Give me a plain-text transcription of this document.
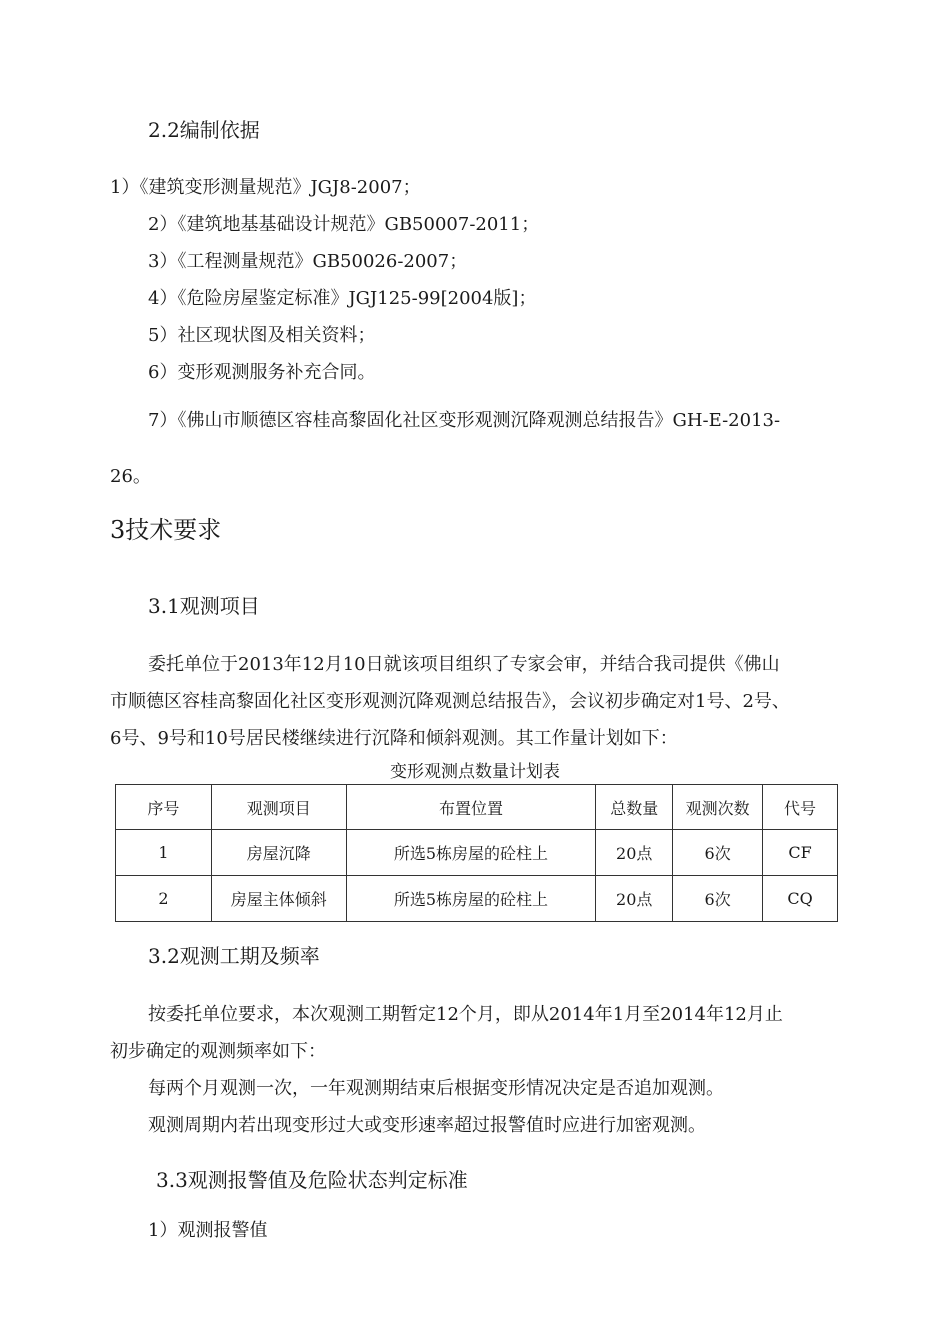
2.2编制依据
1）《建筑变形测量规范》JGJ8-2007；
2）《建筑地基基础设计规范》GB50007-2011；
3）《工程测量规范》GB50026-2007；
4）《危险房屋鉴定标准》JGJ125-99[2004版]；
5）社区现状图及相关资料；
6）变形观测服务补充合同。
7）《佛山市顺德区容桂高黎固化社区变形观测沉降观测总结报告》GH-E-2013-
26。
3技术要求
3.1观测项目
委托单位于2013年12月10日就该项目组织了专家会审，并结合我司提供《佛山
市顺德区容桂高黎固化社区变形观测沉降观测总结报告》，会议初步确定对1号、2号、
6号、9号和10号居民楼继续进行沉降和倾斜观测。其工作量计划如下：
变形观测点数量计划表
序号	观测项目	布置位置	总数量	观测次数	代号
1	房屋沉降	所选5栋房屋的砼柱上	20点	6次	CF
2	房屋主体倾斜	所选5栋房屋的砼柱上	20点	6次	CQ
3.2观测工期及频率
按委托单位要求，本次观测工期暂定12个月，即从2014年1月至2014年12月止
初步确定的观测频率如下：
每两个月观测一次，一年观测期结束后根据变形情况决定是否追加观测。
观测周期内若出现变形过大或变形速率超过报警值时应进行加密观测。
3.3观测报警值及危险状态判定标准
1）观测报警值
